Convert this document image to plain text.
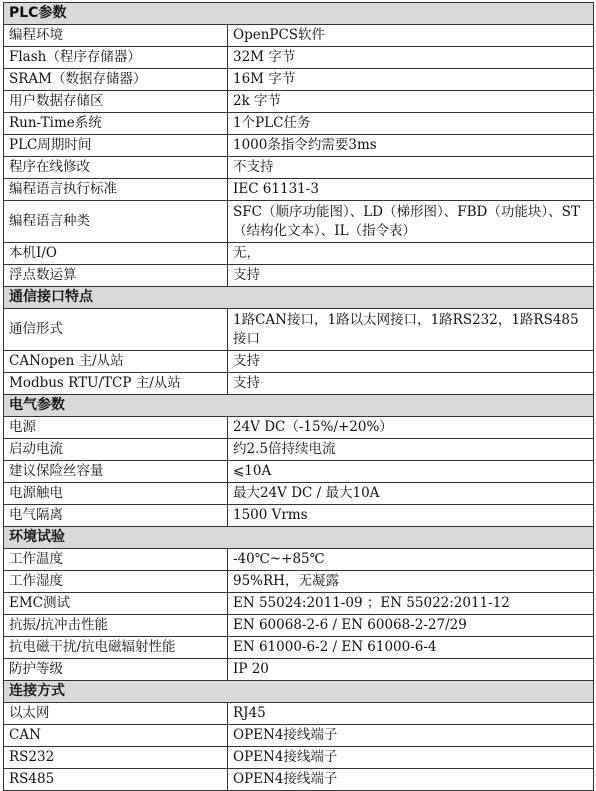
PLC参数	
编程环境	OpenPCS软件
Flash（程序存储器）	32M 字节
SRAM（数据存储器）	16M 字节
用户数据存储区	2k 字节
Run-Time系统	1个PLC任务
PLC周期时间	1000条指令约需要3ms
程序在线修改	不支持
编程语言执行标准	IEC 61131-3
编程语言种类	SFC（顺序功能图）、LD（梯形图）、FBD（功能块）、ST（结构化文本）、IL（指令表）
本机I/O	无，
浮点数运算	支持
通信接口特点	
通信形式	1路CAN接口，1路以太网接口，1路RS232，1路RS485接口
CANopen 主/从站	支持
Modbus RTU/TCP 主/从站	支持
电气参数	
电源	24V DC（-15%/+20%）
启动电流	约2.5倍持续电流
建议保险丝容量	⩽10A
电源触电	最大24V DC / 最大10A
电气隔离	1500 Vrms
环境试验	
工作温度	-40℃~+85℃
工作湿度	95%RH，无凝露
EMC测试	EN 55024:2011-09 ；EN 55022:2011-12
抗振/抗冲击性能	EN 60068-2-6 / EN 60068-2-27/29
抗电磁干扰/抗电磁辐射性能	EN 61000-6-2 / EN 61000-6-4
防护等级	IP 20
连接方式	
以太网	RJ45
CAN	OPEN4接线端子
RS232	OPEN4接线端子
RS485	OPEN4接线端子
